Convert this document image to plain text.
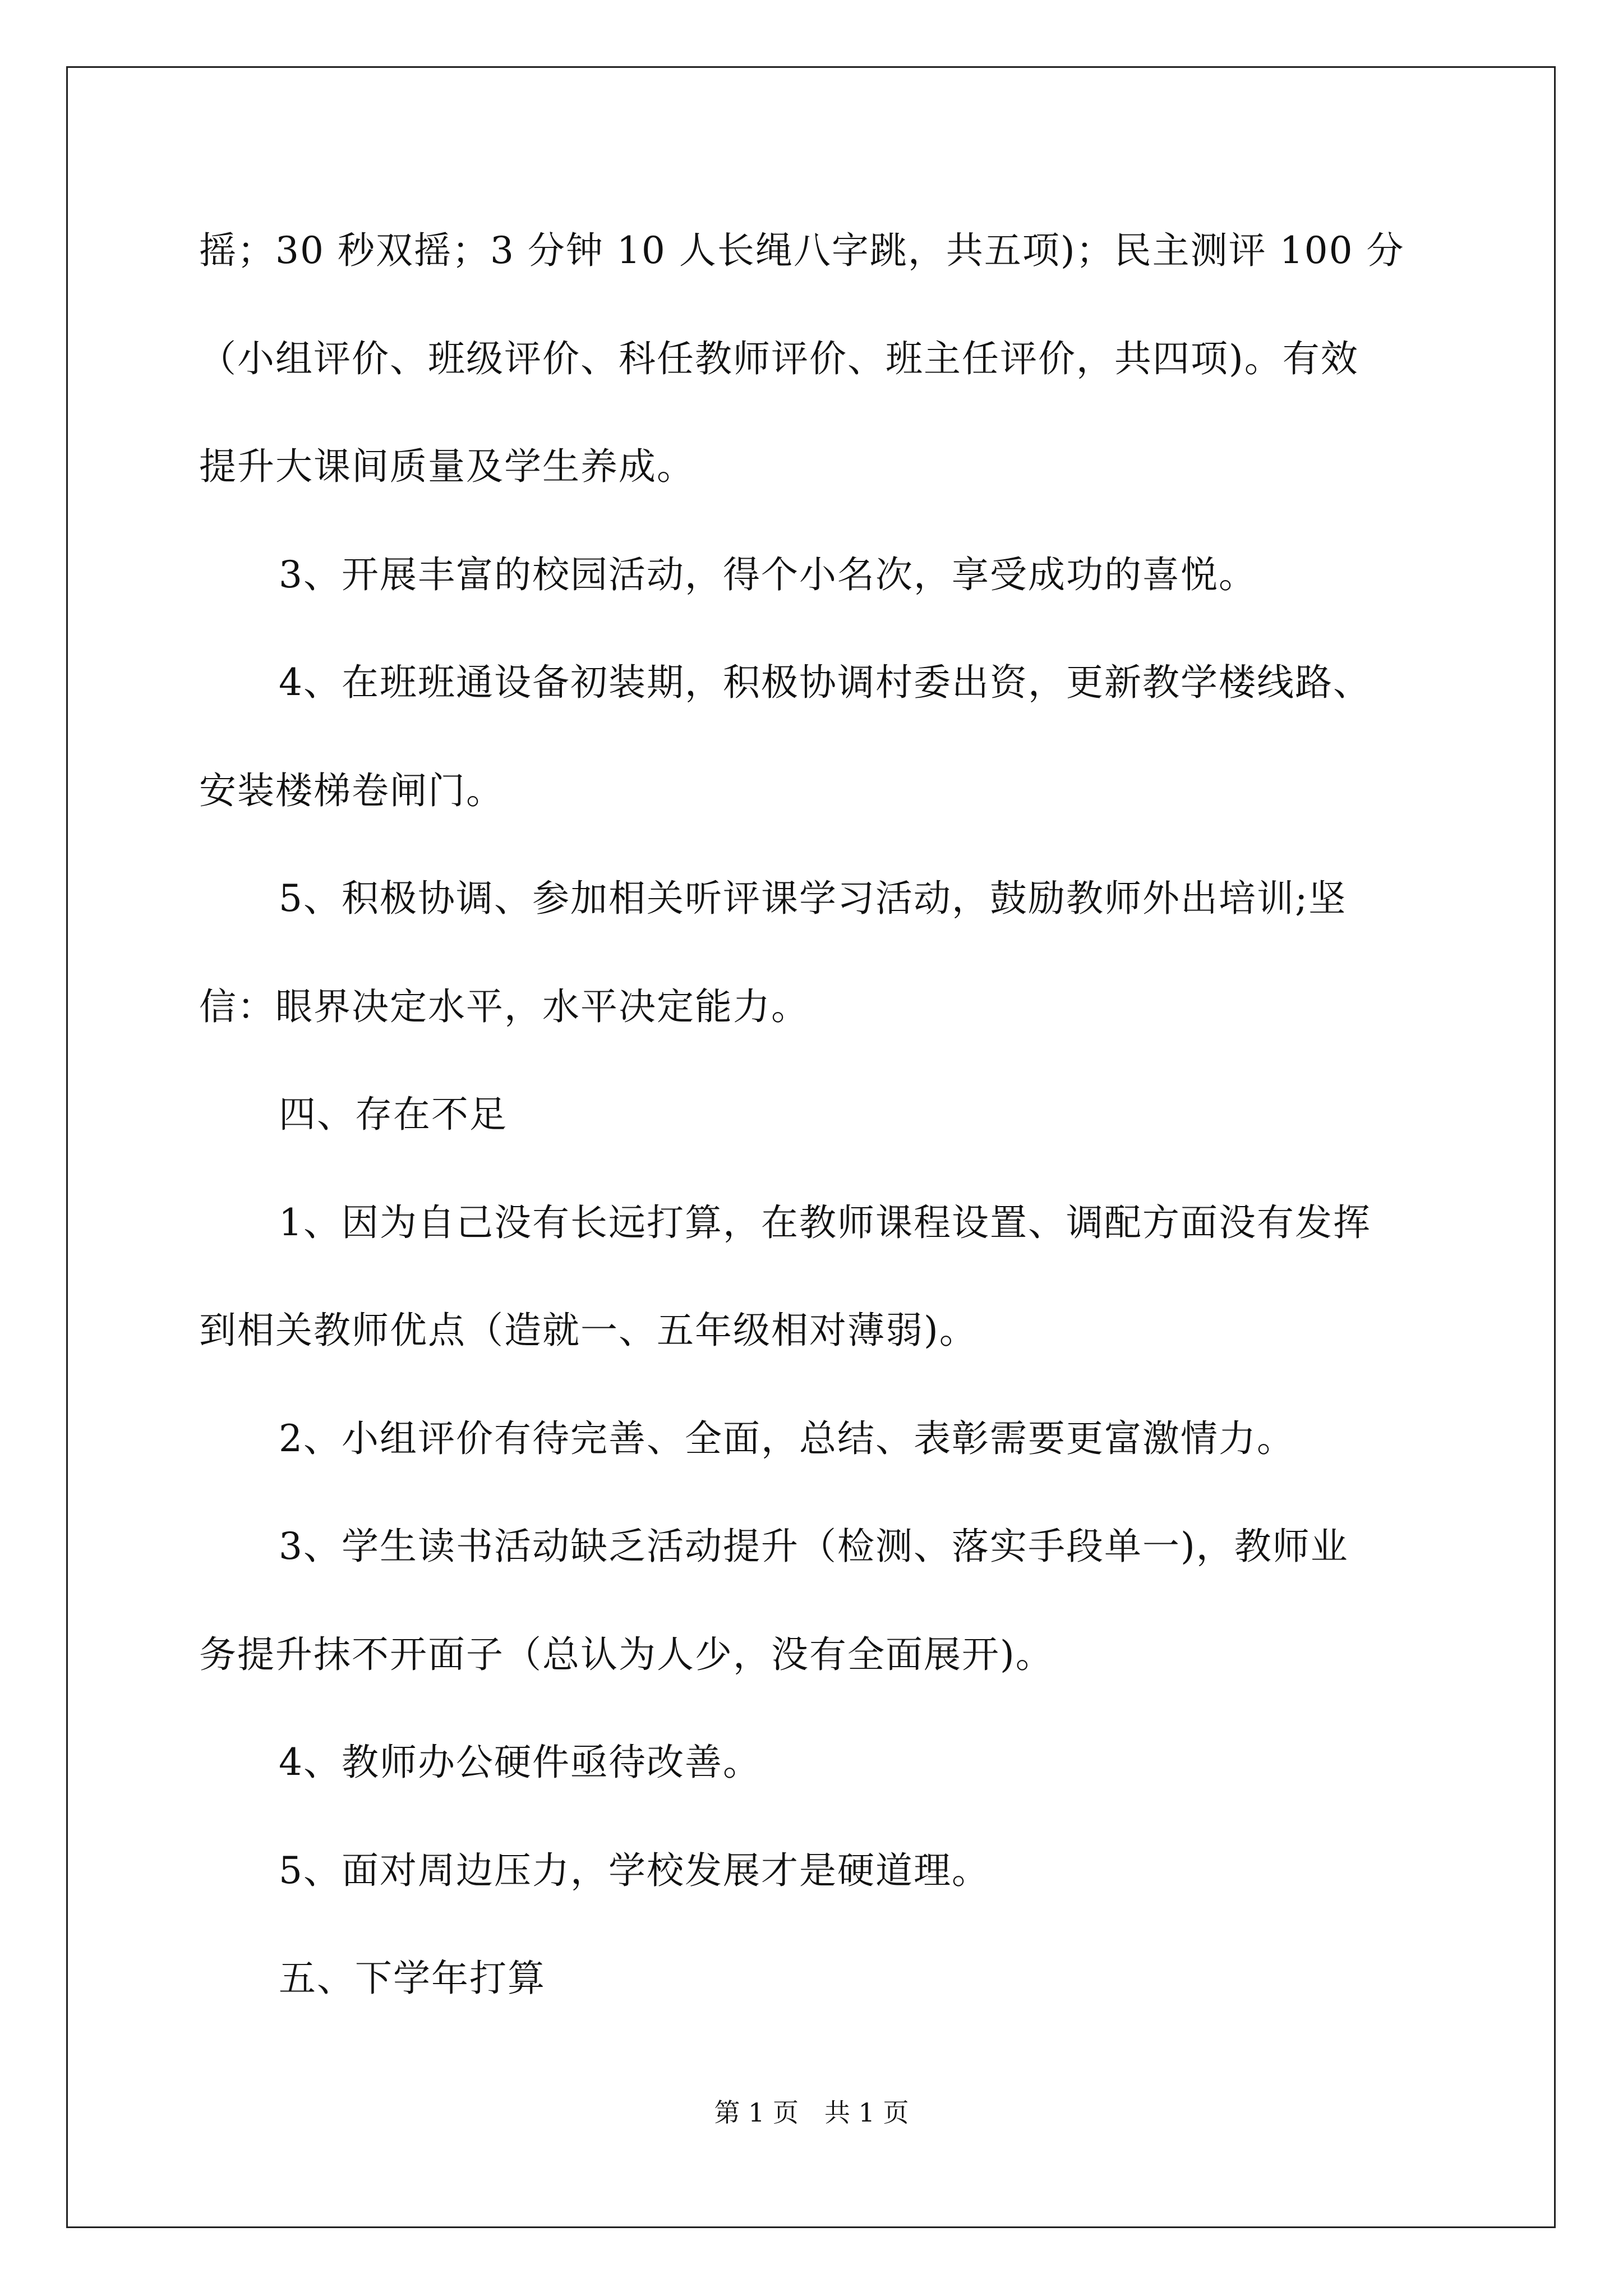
摇；30 秒双摇；3 分钟 10 人长绳八字跳，共五项)；民主测评 100 分
（小组评价、班级评价、科任教师评价、班主任评价，共四项)。有效
提升大课间质量及学生养成。
3、开展丰富的校园活动，得个小名次，享受成功的喜悦。
4、在班班通设备初装期，积极协调村委出资，更新教学楼线路、
安装楼梯卷闸门。
5、积极协调、参加相关听评课学习活动，鼓励教师外出培训;坚
信：眼界决定水平，水平决定能力。
四、存在不足
1、因为自己没有长远打算，在教师课程设置、调配方面没有发挥
到相关教师优点（造就一、五年级相对薄弱)。
2、小组评价有待完善、全面，总结、表彰需要更富激情力。
3、学生读书活动缺乏活动提升（检测、落实手段单一)，教师业
务提升抹不开面子（总认为人少，没有全面展开)。
4、教师办公硬件亟待改善。
5、面对周边压力，学校发展才是硬道理。
五、下学年打算
第 1 页　共 1 页
